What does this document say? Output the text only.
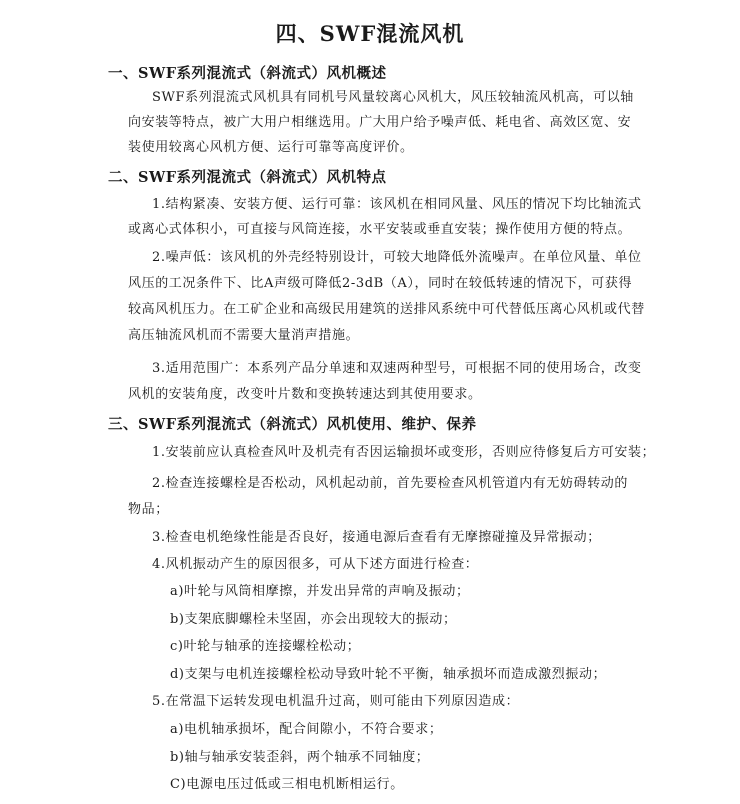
四、SWF混流风机
一、SWF系列混流式（斜流式）风机概述
SWF系列混流式风机具有同机号风量较离心风机大，风压较轴流风机高，可以轴
向安装等特点，被广大用户相继选用。广大用户给予噪声低、耗电省、高效区宽、安
装使用较离心风机方便、运行可靠等高度评价。
二、SWF系列混流式（斜流式）风机特点
1.结构紧凑、安装方便、运行可靠：该风机在相同风量、风压的情况下均比轴流式
或离心式体积小，可直接与风筒连接，水平安装或垂直安装；操作使用方便的特点。
2.噪声低：该风机的外壳经特别设计，可较大地降低外流噪声。在单位风量、单位
风压的工况条件下、比A声级可降低2-3dB（A），同时在较低转速的情况下，可获得
较高风机压力。在工矿企业和高级民用建筑的送排风系统中可代替低压离心风机或代替
高压轴流风机而不需要大量消声措施。
3.适用范围广：本系列产品分单速和双速两种型号，可根据不同的使用场合，改变
风机的安装角度，改变叶片数和变换转速达到其使用要求。
三、SWF系列混流式（斜流式）风机使用、维护、保养
1.安装前应认真检查风叶及机壳有否因运输损坏或变形，否则应待修复后方可安装；
2.检查连接螺栓是否松动，风机起动前，首先要检查风机管道内有无妨碍转动的
物品；
3.检查电机绝缘性能是否良好，接通电源后查看有无摩擦碰撞及异常振动；
4.风机振动产生的原因很多，可从下述方面进行检查：
a)叶轮与风筒相摩擦，并发出异常的声响及振动；
b)支架底脚螺栓未坚固，亦会出现较大的振动；
c)叶轮与轴承的连接螺栓松动；
d)支架与电机连接螺栓松动导致叶轮不平衡，轴承损坏而造成激烈振动；
5.在常温下运转发现电机温升过高，则可能由下列原因造成：
a)电机轴承损坏，配合间隙小，不符合要求；
b)轴与轴承安装歪斜，两个轴承不同轴度；
C)电源电压过低或三相电机断相运行。
